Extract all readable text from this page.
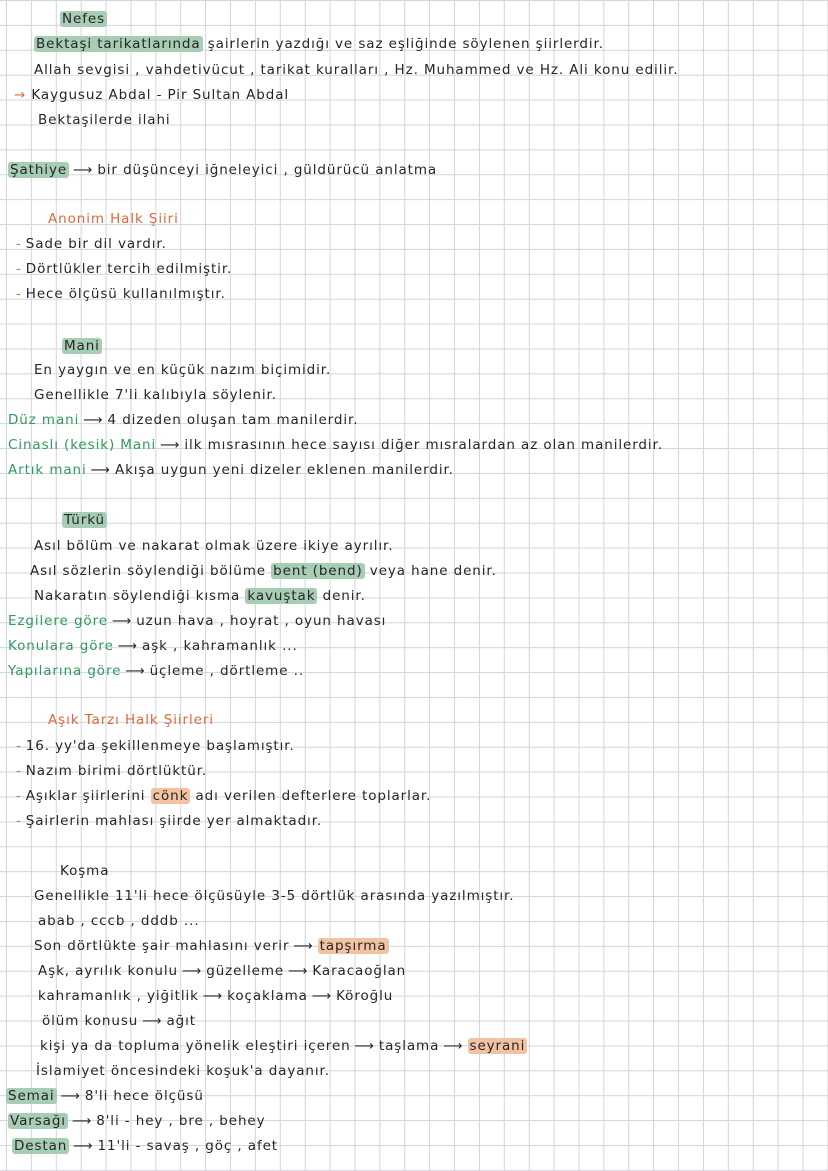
Nefes
Bektaşi tarikatlarında şairlerin yazdığı ve saz eşliğinde söylenen şiirlerdir.
Allah sevgisi , vahdetivücut , tarikat kuralları , Hz. Muhammed ve Hz. Ali konu edilir.
→ Kaygusuz Abdal - Pir Sultan Abdal
Bektaşilerde ilahi
Şathiye ⟶ bir düşünceyi iğneleyici , güldürücü anlatma
Anonim Halk Şiiri
- Sade bir dil vardır.
- Dörtlükler tercih edilmiştir.
- Hece ölçüsü kullanılmıştır.
Mani
En yaygın ve en küçük nazım biçimidir.
Genellikle 7'li kalıbıyla söylenir.
Düz mani ⟶ 4 dizeden oluşan tam manilerdir.
Cinaslı (kesik) Mani ⟶ ilk mısrasının hece sayısı diğer mısralardan az olan manilerdir.
Artık mani ⟶ Akışa uygun yeni dizeler eklenen manilerdir.
Türkü
Asıl bölüm ve nakarat olmak üzere ikiye ayrılır.
Asıl sözlerin söylendiği bölüme bent (bend) veya hane denir.
Nakaratın söylendiği kısma kavuştak denir.
Ezgilere göre ⟶ uzun hava , hoyrat , oyun havası
Konulara göre ⟶ aşk , kahramanlık ...
Yapılarına göre ⟶ üçleme , dörtleme ..
Aşık Tarzı Halk Şiirleri
- 16. yy'da şekillenmeye başlamıştır.
- Nazım birimi dörtlüktür.
- Aşıklar şiirlerini cönk adı verilen defterlere toplarlar.
- Şairlerin mahlası şiirde yer almaktadır.
Koşma
Genellikle 11'li hece ölçüsüyle 3-5 dörtlük arasında yazılmıştır.
abab , cccb , dddb ...
Son dörtlükte şair mahlasını verir ⟶ tapşırma
Aşk, ayrılık konulu ⟶ güzelleme ⟶ Karacaoğlan
kahramanlık , yiğitlik ⟶ koçaklama ⟶ Köroğlu
ölüm konusu ⟶ ağıt
kişi ya da topluma yönelik eleştiri içeren ⟶ taşlama ⟶ seyrani
İslamiyet öncesindeki koşuk'a dayanır.
Semai ⟶ 8'li hece ölçüsü
Varsağı ⟶ 8'li - hey , bre , behey
Destan ⟶ 11'li - savaş , göç , afet
